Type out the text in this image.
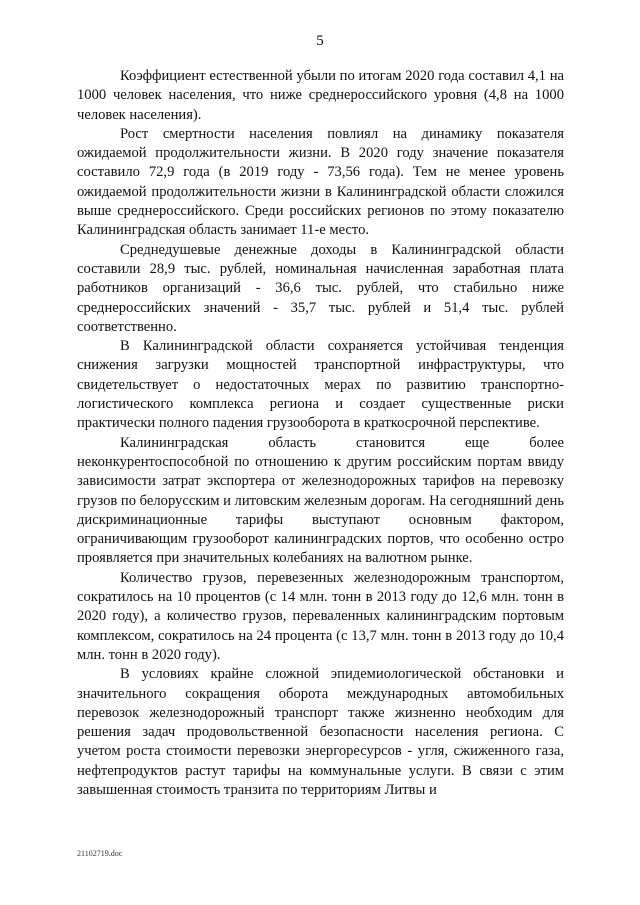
5

Коэффициент естественной убыли по итогам 2020 года составил 4,1 на 1000 человек населения, что ниже среднероссийского уровня (4,8 на 1000 человек населения).

Рост смертности населения повлиял на динамику показателя ожидаемой продолжительности жизни. В 2020 году значение показателя составило 72,9 года (в 2019 году - 73,56 года). Тем не менее уровень ожидаемой продолжительности жизни в Калининградской области сложился выше среднероссийского. Среди российских регионов по этому показателю Калининградская область занимает 11-е место.

Среднедушевые денежные доходы в Калининградской области составили 28,9 тыс. рублей, номинальная начисленная заработная плата работников организаций - 36,6 тыс. рублей, что стабильно ниже среднероссийских значений - 35,7 тыс. рублей и 51,4 тыс. рублей соответственно.

В Калининградской области сохраняется устойчивая тенденция снижения загрузки мощностей транспортной инфраструктуры, что свидетельствует о недостаточных мерах по развитию транспортно-логистического комплекса региона и создает существенные риски практически полного падения грузооборота в краткосрочной перспективе.

Калининградская область становится еще более неконкурентоспособной по отношению к другим российским портам ввиду зависимости затрат экспортера от железнодорожных тарифов на перевозку грузов по белорусским и литовским железным дорогам. На сегодняшний день дискриминационные тарифы выступают основным фактором, ограничивающим грузооборот калининградских портов, что особенно остро проявляется при значительных колебаниях на валютном рынке.

Количество грузов, перевезенных железнодорожным транспортом, сократилось на 10 процентов (с 14 млн. тонн в 2013 году до 12,6 млн. тонн в 2020 году), а количество грузов, переваленных калининградским портовым комплексом, сократилось на 24 процента (с 13,7 млн. тонн в 2013 году до 10,4 млн. тонн в 2020 году).

В условиях крайне сложной эпидемиологической обстановки и значительного сокращения оборота международных автомобильных перевозок железнодорожный транспорт также жизненно необходим для решения задач продовольственной безопасности населения региона. С учетом роста стоимости перевозки энергоресурсов - угля, сжиженного газа, нефтепродуктов растут тарифы на коммунальные услуги. В связи с этим завышенная стоимость транзита по территориям Литвы и

21102719.doc
